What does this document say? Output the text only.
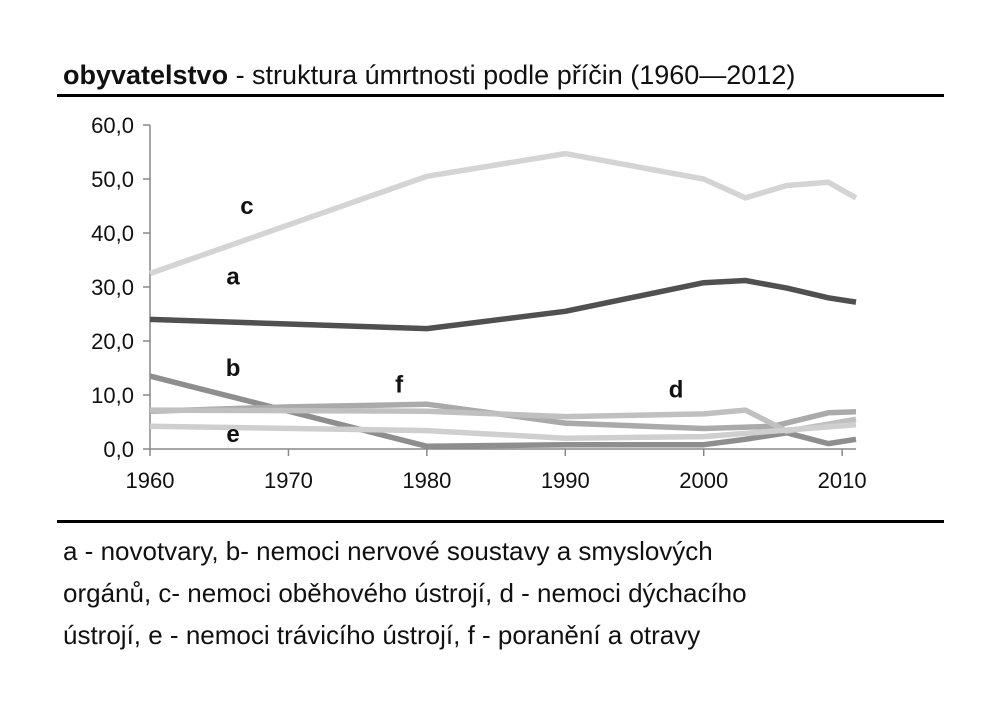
obyvatelstvo - struktura úmrtnosti podle příčin (1960—2012)
0,0
10,0
20,0
30,0
40,0
50,0
60,0
1960	1970	1980	1990	2000	2010
c
a
b
f	d
e
a - novotvary, b- nemoci nervové soustavy a smyslových
orgánů, c- nemoci oběhového ústrojí, d - nemoci dýchacího
ústrojí, e - nemoci trávicího ústrojí, f - poranění a otravy
